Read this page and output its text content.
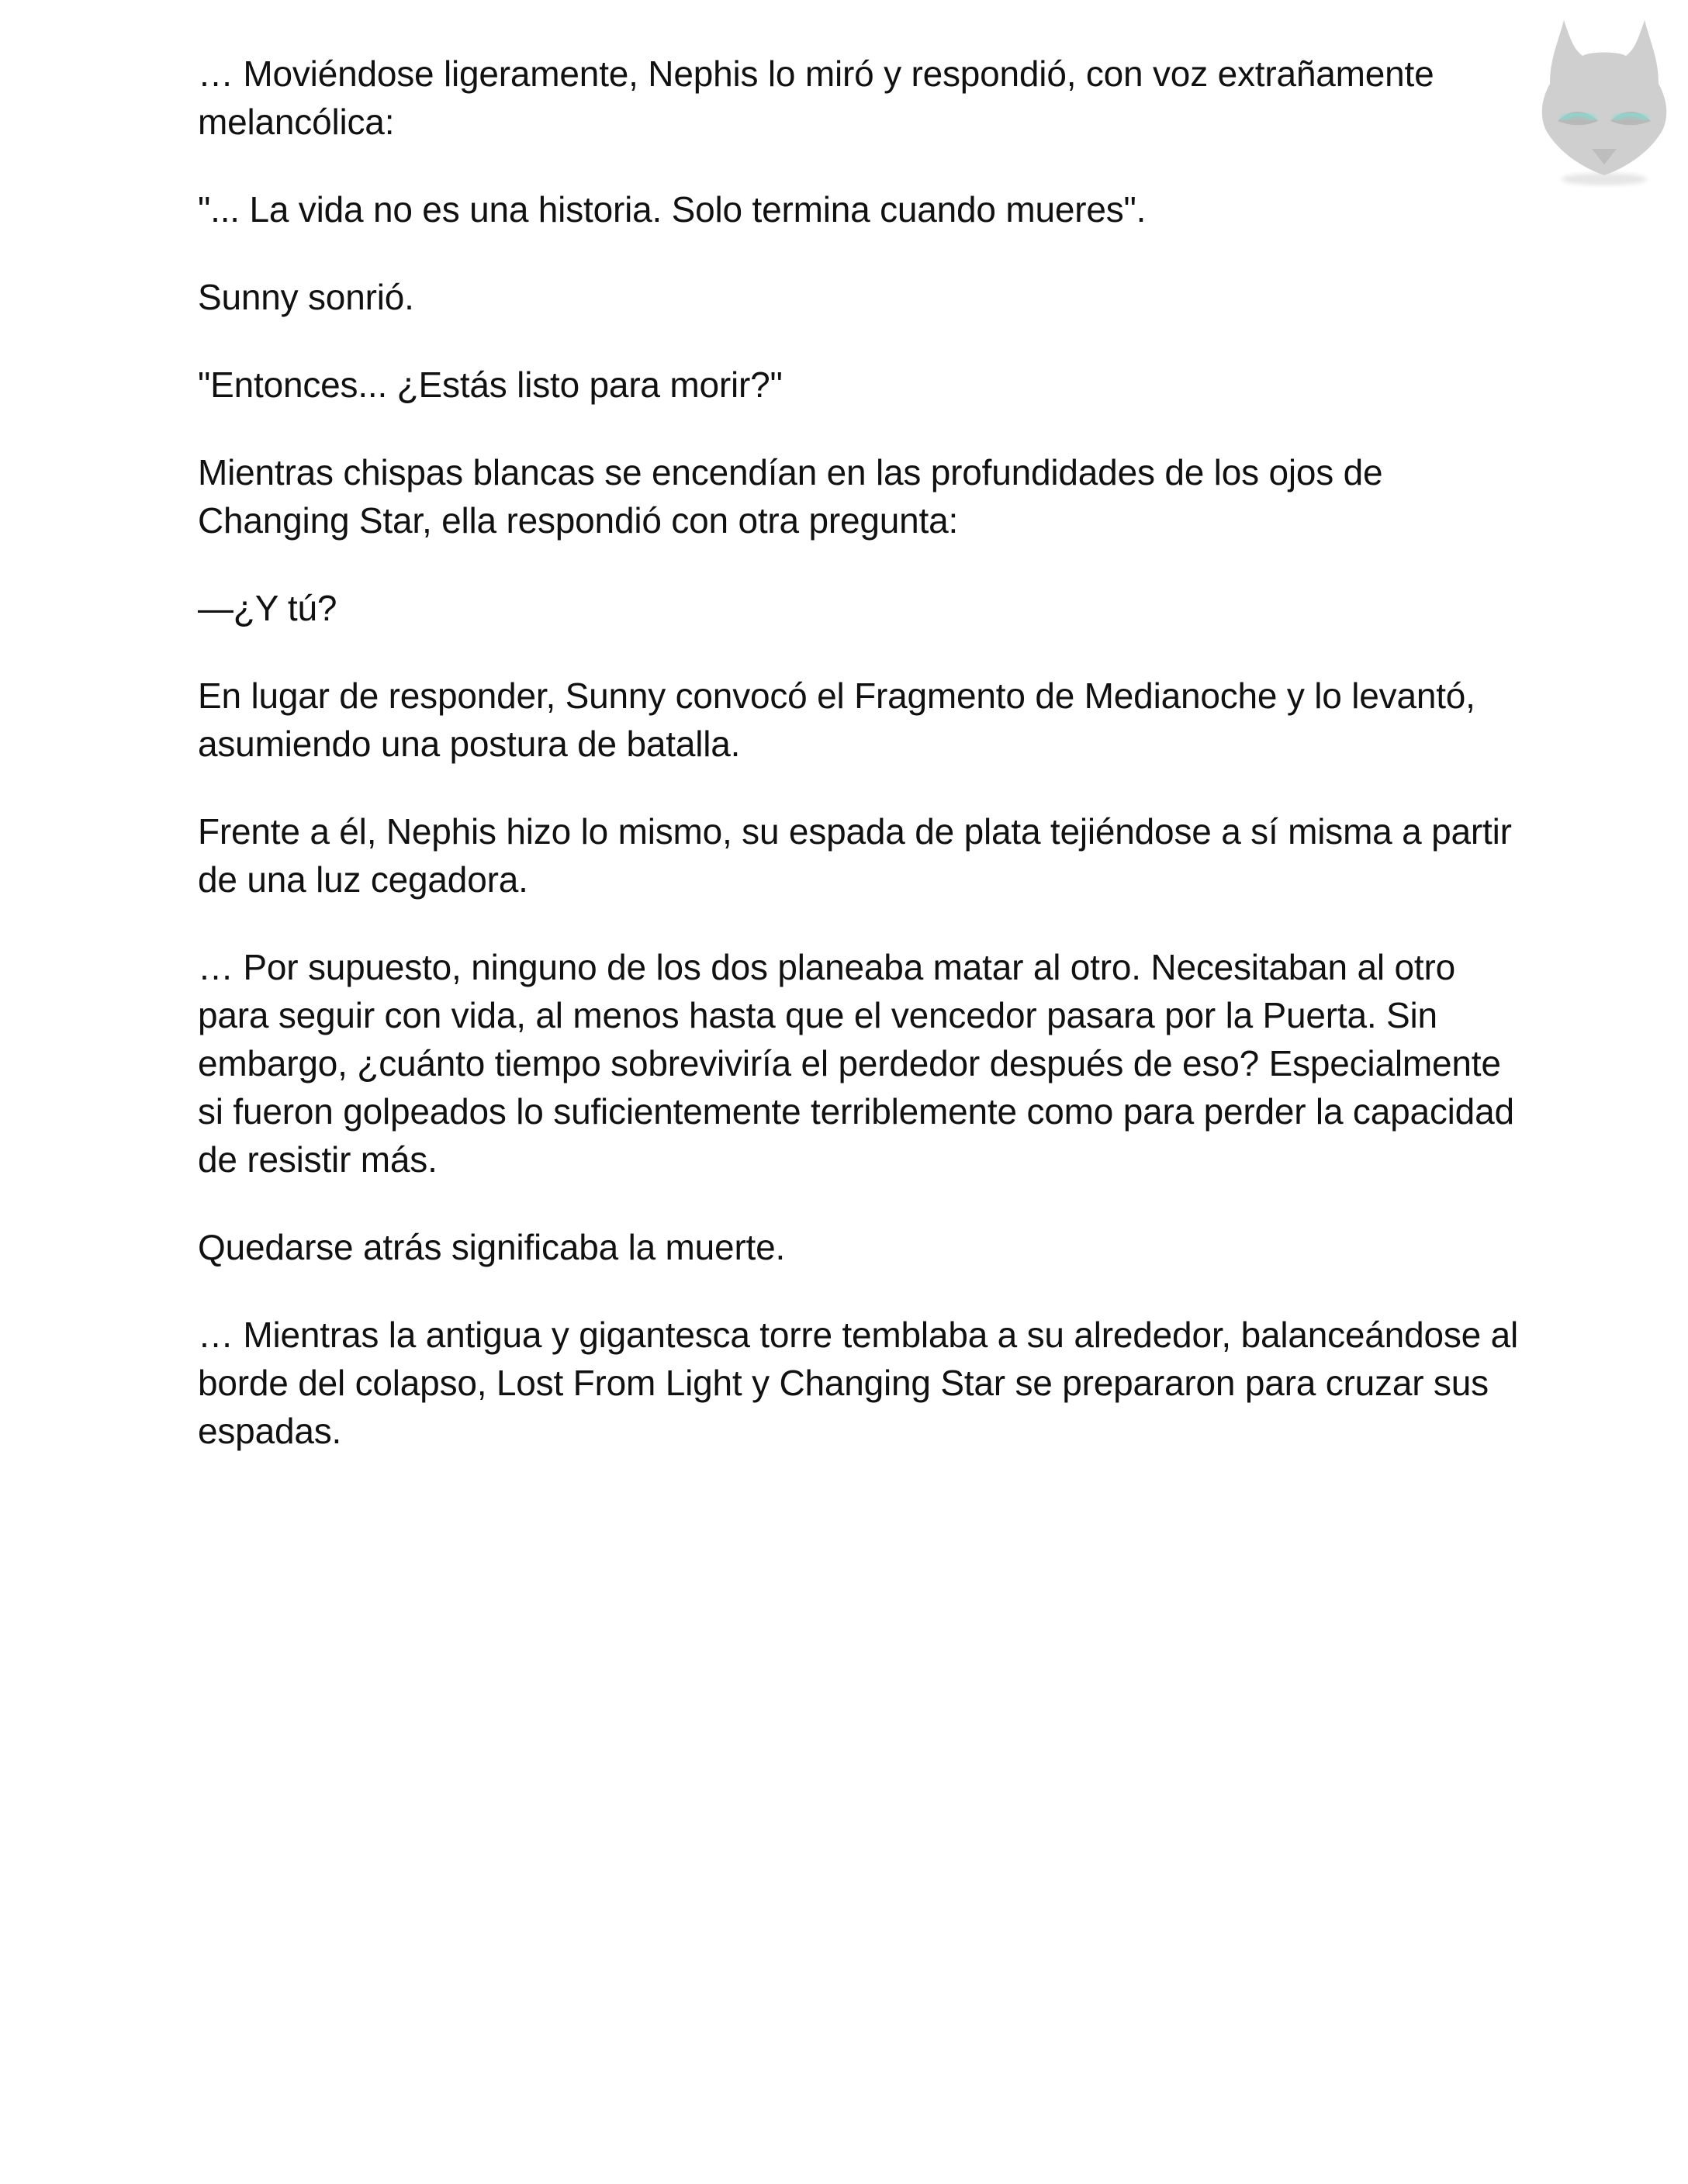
… Moviéndose ligeramente, Nephis lo miró y respondió, con voz extrañamente melancólica:

"... La vida no es una historia. Solo termina cuando mueres".

Sunny sonrió.

"Entonces... ¿Estás listo para morir?"

Mientras chispas blancas se encendían en las profundidades de los ojos de Changing Star, ella respondió con otra pregunta:

—¿Y tú?

En lugar de responder, Sunny convocó el Fragmento de Medianoche y lo levantó, asumiendo una postura de batalla.

Frente a él, Nephis hizo lo mismo, su espada de plata tejiéndose a sí misma a partir de una luz cegadora.

… Por supuesto, ninguno de los dos planeaba matar al otro. Necesitaban al otro para seguir con vida, al menos hasta que el vencedor pasara por la Puerta. Sin embargo, ¿cuánto tiempo sobreviviría el perdedor después de eso? Especialmente si fueron golpeados lo suficientemente terriblemente como para perder la capacidad de resistir más.

Quedarse atrás significaba la muerte.

… Mientras la antigua y gigantesca torre temblaba a su alrededor, balanceándose al borde del colapso, Lost From Light y Changing Star se prepararon para cruzar sus espadas.
